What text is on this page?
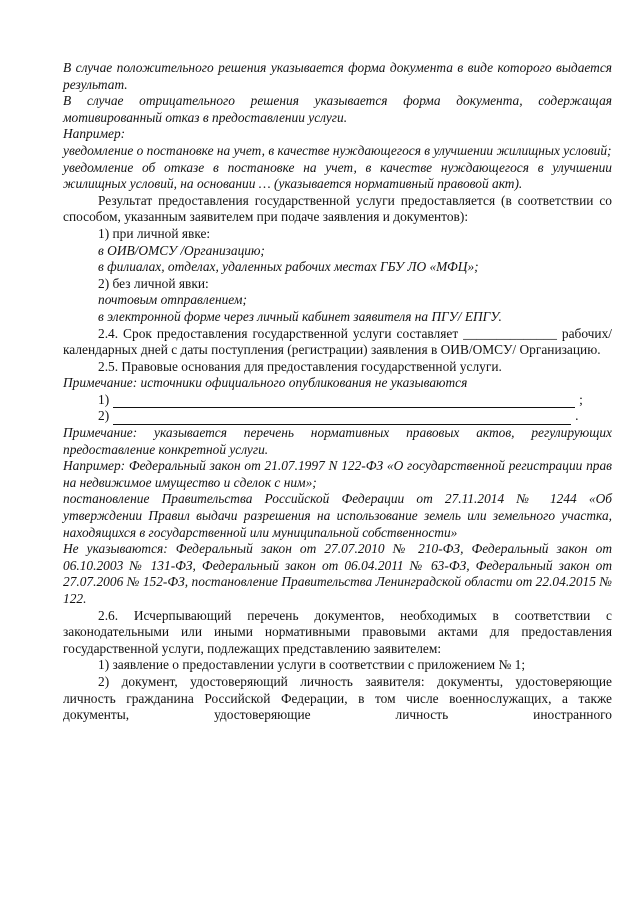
В случае положительного решения указывается форма документа в виде которого выдается результат.

В случае отрицательного решения указывается форма документа, содержащая мотивированный отказ в предоставлении услуги.

Например:

уведомление о постановке на учет, в качестве нуждающегося в улучшении жилищных условий;

уведомление об отказе в постановке на учет, в качестве нуждающегося в улучшении жилищных условий, на основании … (указывается нормативный правовой акт).

Результат предоставления государственной услуги предоставляется (в соответствии со способом, указанным заявителем при подаче заявления и документов):

1) при личной явке:

в ОИВ/ОМСУ /Организацию;

в филиалах, отделах, удаленных рабочих местах ГБУ ЛО «МФЦ»;

2) без личной явки:

почтовым отправлением;

в электронной форме через личный кабинет заявителя на ПГУ/ ЕПГУ.

2.4. Срок предоставления государственной услуги составляет ______________ рабочих/календарных дней с даты поступления (регистрации) заявления в ОИВ/ОМСУ/ Организацию.

2.5. Правовые основания для предоставления государственной услуги.

Примечание: источники официального опубликования не указываются

1)	;
2)	.

Примечание: указывается перечень нормативных правовых актов, регулирующих предоставление конкретной услуги.

Например: Федеральный закон от 21.07.1997 N 122-ФЗ «О государственной регистрации прав на недвижимое имущество и сделок с ним»;

постановление Правительства Российской Федерации от 27.11.2014 № 1244 «Об утверждении Правил выдачи разрешения на использование земель или земельного участка, находящихся в государственной или муниципальной собственности»

Не указываются: Федеральный закон от 27.07.2010 № 210-ФЗ, Федеральный закон от 06.10.2003 № 131-ФЗ, Федеральный закон от 06.04.2011 № 63-ФЗ, Федеральный закон от 27.07.2006 № 152-ФЗ, постановление Правительства Ленинградской области от 22.04.2015 № 122.

2.6. Исчерпывающий перечень документов, необходимых в соответствии с законодательными или иными нормативными правовыми актами для предоставления государственной услуги, подлежащих представлению заявителем:

1) заявление о предоставлении услуги в соответствии с приложением № 1;

2) документ, удостоверяющий личность заявителя: документы, удостоверяющие личность гражданина Российской Федерации, в том числе военнослужащих, а также документы, удостоверяющие личность иностранного
